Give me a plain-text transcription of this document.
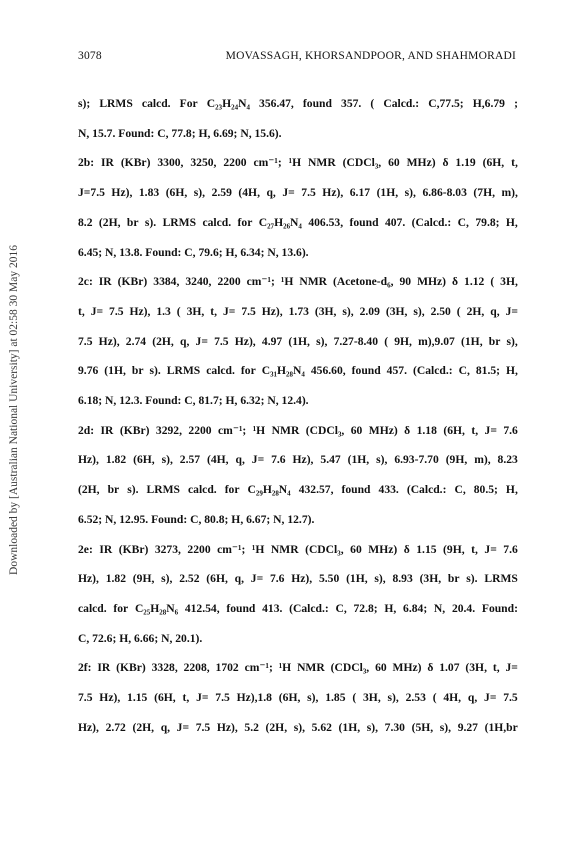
Downloaded by [Australian National University] at 02:58 30 May 2016
3078	MOVASSAGH, KHORSANDPOOR, AND SHAHMORADI
s); LRMS calcd. For C₂₃H₂₄N₄ 356.47, found 357. ( Calcd.: C,77.5; H,6.79 ;
N, 15.7. Found: C, 77.8; H, 6.69; N, 15.6).
2b: IR (KBr) 3300, 3250, 2200 cm⁻¹; ¹H NMR (CDCl₃, 60 MHz) δ 1.19 (6H, t,
J=7.5 Hz), 1.83 (6H, s), 2.59 (4H, q, J= 7.5 Hz), 6.17 (1H, s), 6.86-8.03 (7H, m),
8.2 (2H, br s). LRMS calcd. for C₂₇H₂₆N₄ 406.53, found 407. (Calcd.: C, 79.8; H,
6.45; N, 13.8. Found: C, 79.6; H, 6.34; N, 13.6).
2c: IR (KBr) 3384, 3240, 2200 cm⁻¹; ¹H NMR (Acetone-d₆, 90 MHz) δ 1.12 ( 3H,
t, J= 7.5 Hz), 1.3 ( 3H, t, J= 7.5 Hz), 1.73 (3H, s), 2.09 (3H, s), 2.50 ( 2H, q, J=
7.5 Hz), 2.74 (2H, q, J= 7.5 Hz), 4.97 (1H, s), 7.27-8.40 ( 9H, m),9.07 (1H, br s),
9.76 (1H, br s). LRMS calcd. for C₃₁H₂₈N₄ 456.60, found 457. (Calcd.: C, 81.5; H,
6.18; N, 12.3. Found: C, 81.7; H, 6.32; N, 12.4).
2d: IR (KBr) 3292, 2200 cm⁻¹; ¹H NMR (CDCl₃, 60 MHz) δ 1.18 (6H, t, J= 7.6
Hz), 1.82 (6H, s), 2.57 (4H, q, J= 7.6 Hz), 5.47 (1H, s), 6.93-7.70 (9H, m), 8.23
(2H, br s). LRMS calcd. for C₂₉H₂₈N₄ 432.57, found 433. (Calcd.: C, 80.5; H,
6.52; N, 12.95. Found: C, 80.8; H, 6.67; N, 12.7).
2e: IR (KBr) 3273, 2200 cm⁻¹; ¹H NMR (CDCl₃, 60 MHz) δ 1.15 (9H, t, J= 7.6
Hz), 1.82 (9H, s), 2.52 (6H, q, J= 7.6 Hz), 5.50 (1H, s), 8.93 (3H, br s). LRMS
calcd. for C₂₅H₂₈N₆ 412.54, found 413. (Calcd.: C, 72.8; H, 6.84; N, 20.4. Found:
C, 72.6; H, 6.66; N, 20.1).
2f: IR (KBr) 3328, 2208, 1702 cm⁻¹; ¹H NMR (CDCl₃, 60 MHz) δ 1.07 (3H, t, J=
7.5 Hz), 1.15 (6H, t, J= 7.5 Hz),1.8 (6H, s), 1.85 ( 3H, s), 2.53 ( 4H, q, J= 7.5
Hz), 2.72 (2H, q, J= 7.5 Hz), 5.2 (2H, s), 5.62 (1H, s), 7.30 (5H, s), 9.27 (1H,br
